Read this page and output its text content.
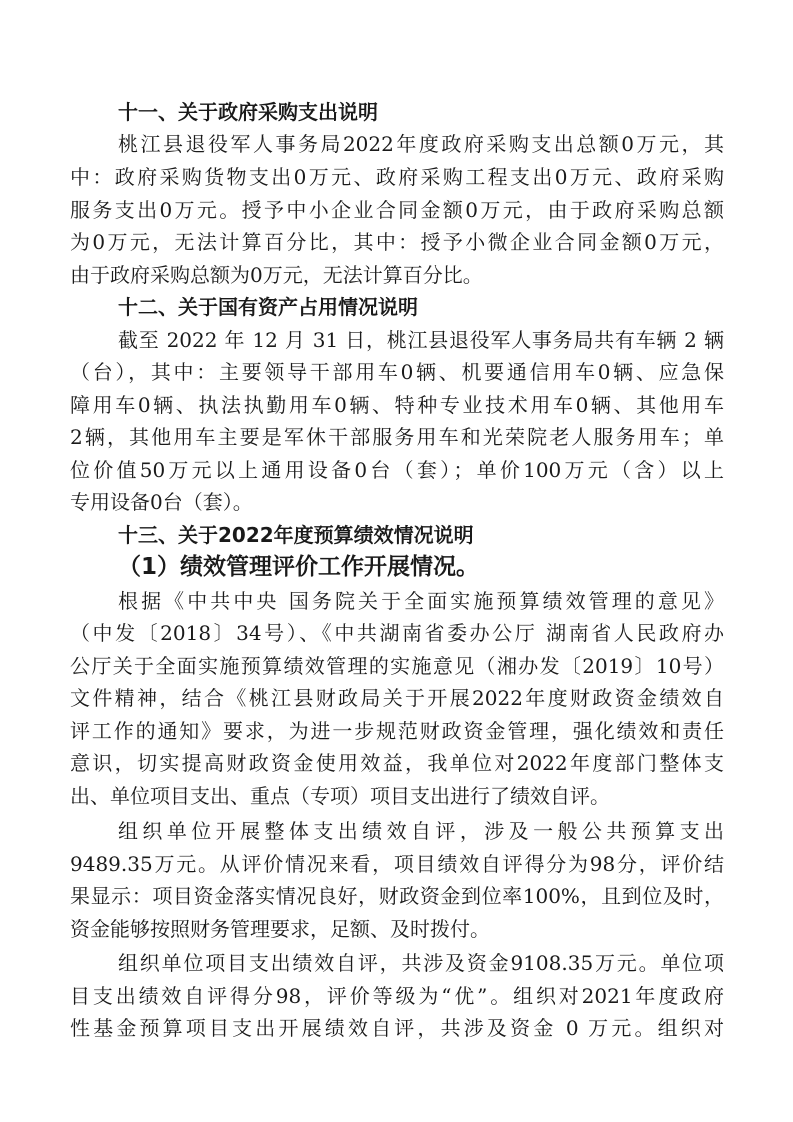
十一、关于政府采购支出说明
桃江县退役军人事务局2022年度政府采购支出总额0万元，其
中：政府采购货物支出0万元、政府采购工程支出0万元、政府采购
服务支出0万元。授予中小企业合同金额0万元，由于政府采购总额
为0万元，无法计算百分比，其中：授予小微企业合同金额0万元，
由于政府采购总额为0万元，无法计算百分比。
十二、关于国有资产占用情况说明
截至 2022 年 12 月 31 日，桃江县退役军人事务局共有车辆 2 辆
（台），其中：主要领导干部用车0辆、机要通信用车0辆、应急保
障用车0辆、执法执勤用车0辆、特种专业技术用车0辆、其他用车
2辆，其他用车主要是军休干部服务用车和光荣院老人服务用车；单
位价值50万元以上通用设备0台（套）；单价100万元（含）以上
专用设备0台（套）。
十三、关于2022年度预算绩效情况说明
（1）绩效管理评价工作开展情况。
根据《中共中央 国务院关于全面实施预算绩效管理的意见》
（中发〔2018〕34号）、《中共湖南省委办公厅 湖南省人民政府办
公厅关于全面实施预算绩效管理的实施意见（湘办发〔2019〕10号）
文件精神，结合《桃江县财政局关于开展2022年度财政资金绩效自
评工作的通知》要求，为进一步规范财政资金管理，强化绩效和责任
意识，切实提高财政资金使用效益，我单位对2022年度部门整体支
出、单位项目支出、重点（专项）项目支出进行了绩效自评。
组织单位开展整体支出绩效自评，涉及一般公共预算支出
9489.35万元。从评价情况来看，项目绩效自评得分为98分，评价结
果显示：项目资金落实情况良好，财政资金到位率100%，且到位及时，
资金能够按照财务管理要求，足额、及时拨付。
组织单位项目支出绩效自评，共涉及资金9108.35万元。单位项
目支出绩效自评得分98，评价等级为“优”。组织对2021年度政府
性基金预算项目支出开展绩效自评，共涉及资金 0 万元。组织对
